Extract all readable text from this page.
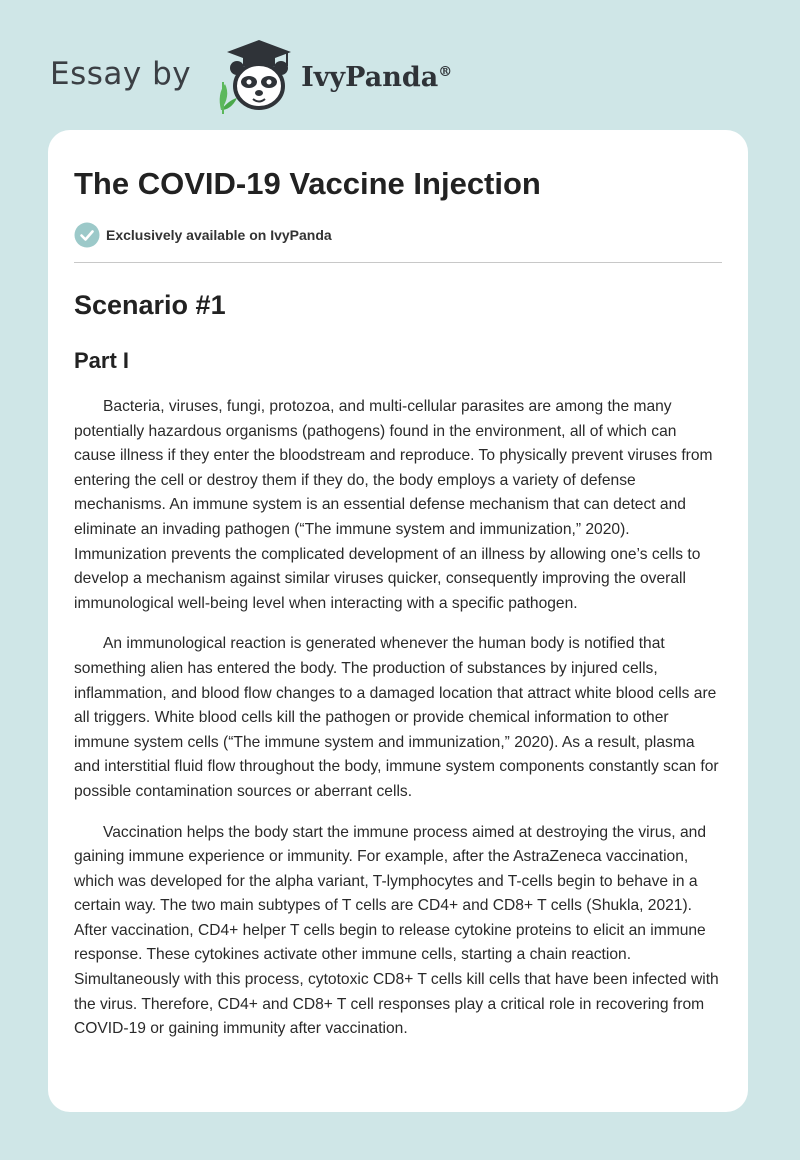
Essay by	IvyPanda®
The COVID-19 Vaccine Injection
Exclusively available on IvyPanda
Scenario #1
Part I

Bacteria, viruses, fungi, protozoa, and multi-cellular parasites are among the many potentially hazardous organisms (pathogens) found in the environment, all of which can cause illness if they enter the bloodstream and reproduce. To physically prevent viruses from entering the cell or destroy them if they do, the body employs a variety of defense mechanisms. An immune system is an essential defense mechanism that can detect and eliminate an invading pathogen (“The immune system and immunization,” 2020). Immunization prevents the complicated development of an illness by allowing one’s cells to develop a mechanism against similar viruses quicker, consequently improving the overall immunological well-being level when interacting with a specific pathogen.

An immunological reaction is generated whenever the human body is notified that something alien has entered the body. The production of substances by injured cells, inflammation, and blood flow changes to a damaged location that attract white blood cells are all triggers. White blood cells kill the pathogen or provide chemical information to other immune system cells (“The immune system and immunization,” 2020). As a result, plasma and interstitial fluid flow throughout the body, immune system components constantly scan for possible contamination sources or aberrant cells.

Vaccination helps the body start the immune process aimed at destroying the virus, and gaining immune experience or immunity. For example, after the AstraZeneca vaccination, which was developed for the alpha variant, T-lymphocytes and T-cells begin to behave in a certain way. The two main subtypes of T cells are CD4+ and CD8+ T cells (Shukla, 2021). After vaccination, CD4+ helper T cells begin to release cytokine proteins to elicit an immune response. These cytokines activate other immune cells, starting a chain reaction. Simultaneously with this process, cytotoxic CD8+ T cells kill cells that have been infected with the virus. Therefore, CD4+ and CD8+ T cell responses play a critical role in recovering from COVID-19 or gaining immunity after vaccination.
